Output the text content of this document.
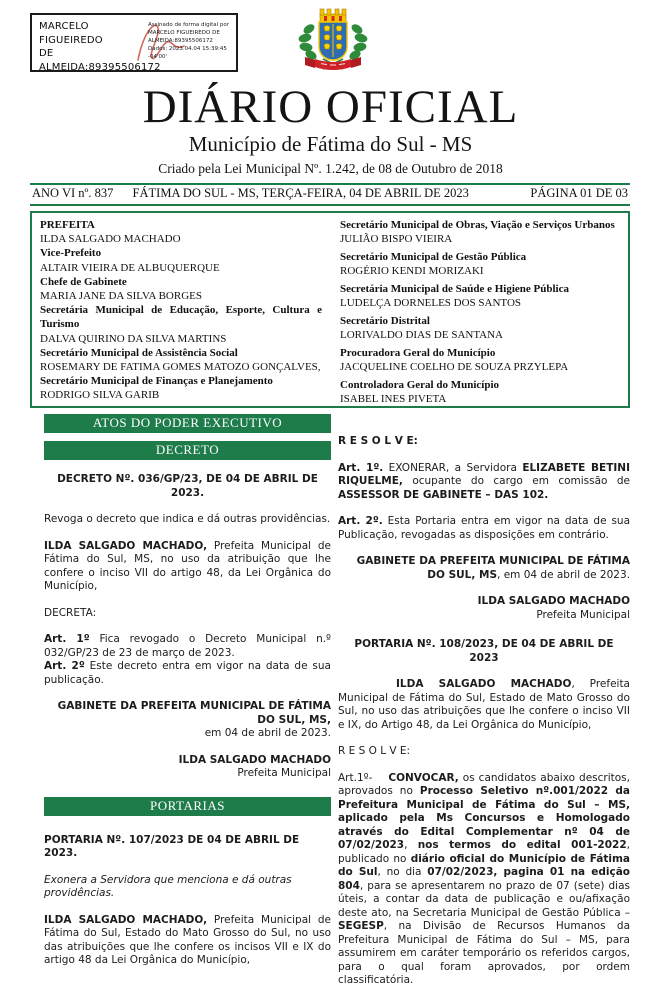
MARCELO FIGUEIREDO
DE
ALMEIDA:89395506172
Assinado de forma digital por
MARCELO FIGUEIREDO DE
ALMEIDA:89395506172
Dados: 2023.04.04 15:39:45 -04'00'
DIÁRIO OFICIAL
Município de Fátima do Sul - MS
Criado pela Lei Municipal Nº. 1.242, de 08 de Outubro de 2018
ANO VI nº. 837 FÁTIMA DO SUL - MS, TERÇA-FEIRA, 04 DE ABRIL DE 2023	PÁGINA 01 DE 03
PREFEITA
ILDA SALGADO MACHADO
Vice-Prefeito
ALTAIR VIEIRA DE ALBUQUERQUE
Chefe de Gabinete
MARIA JANE DA SILVA BORGES
Secretária Municipal de Educação, Esporte, Cultura e Turismo
DALVA QUIRINO DA SILVA MARTINS
Secretário Municipal de Assistência Social
ROSEMARY DE FATIMA GOMES MATOZO GONÇALVES,
Secretário Municipal de Finanças e Planejamento
RODRIGO SILVA GARIB
Secretário Municipal de Obras, Viação e Serviços Urbanos
JULIÃO BISPO VIEIRA
Secretário Municipal de Gestão Pública
ROGÉRIO KENDI MORIZAKI
Secretária Municipal de Saúde e Higiene Pública
LUDELÇA DORNELES DOS SANTOS
Secretário Distrital
LORIVALDO DIAS DE SANTANA
Procuradora Geral do Município
JACQUELINE COELHO DE SOUZA PRZYLEPA
Controladora Geral do Município
ISABEL INES PIVETA
ATOS DO PODER EXECUTIVO
DECRETO

DECRETO Nº. 036/GP/23, DE 04 DE ABRIL DE 2023.

Revoga o decreto que indica e dá outras providências.

ILDA SALGADO MACHADO, Prefeita Municipal de Fátima do Sul, MS, no uso da atribuição que lhe confere o inciso VII do artigo 48, da Lei Orgânica do Município,

DECRETA:

Art. 1º Fica revogado o Decreto Municipal n.º 032/GP/23 de 23 de março de 2023.

Art. 2º Este decreto entra em vigor na data de sua publicação.

GABINETE DA PREFEITA MUNICIPAL DE FÁTIMA DO SUL, MS,
em 04 de abril de 2023.

ILDA SALGADO MACHADO
Prefeita Municipal

PORTARIAS

PORTARIA Nº. 107/2023 DE 04 DE ABRIL DE 2023.

Exonera a Servidora que menciona e dá outras providências.

ILDA SALGADO MACHADO, Prefeita Municipal de Fátima do Sul, Estado do Mato Grosso do Sul, no uso das atribuições que lhe confere os incisos VII e IX do artigo 48 da Lei Orgânica do Município,

R E S O L V E:

Art. 1º. EXONERAR, a Servidora ELIZABETE BETINI RIQUELME, ocupante do cargo em comissão de ASSESSOR DE GABINETE – DAS 102.

Art. 2º. Esta Portaria entra em vigor na data de sua Publicação, revogadas as disposições em contrário.

GABINETE DA PREFEITA MUNICIPAL DE FÁTIMA DO SUL, MS, em 04 de abril de 2023.

ILDA SALGADO MACHADO
Prefeita Municipal

PORTARIA Nº. 108/2023, DE 04 DE ABRIL DE 2023

ILDA SALGADO MACHADO, Prefeita Municipal de Fátima do Sul, Estado de Mato Grosso do Sul, no uso das atribuições que lhe confere o inciso VII e IX, do Artigo 48, da Lei Orgânica do Município,

R E S O L V E:

Art.1º- CONVOCAR, os candidatos abaixo descritos, aprovados no Processo Seletivo nº.001/2022 da Prefeitura Municipal de Fátima do Sul – MS, aplicado pela Ms Concursos e Homologado através do Edital Complementar nº 04 de 07/02/2023, nos termos do edital 001-2022, publicado no diário oficial do Município de Fátima do Sul, no dia 07/02/2023, pagina 01 na edição 804, para se apresentarem no prazo de 07 (sete) dias úteis, a contar da data de publicação e ou/afixação deste ato, na Secretaria Municipal de Gestão Pública – SEGESP, na Divisão de Recursos Humanos da Prefeitura Municipal de Fátima do Sul – MS, para assumirem em caráter temporário os referidos cargos, para o qual foram aprovados, por ordem classificatória.
